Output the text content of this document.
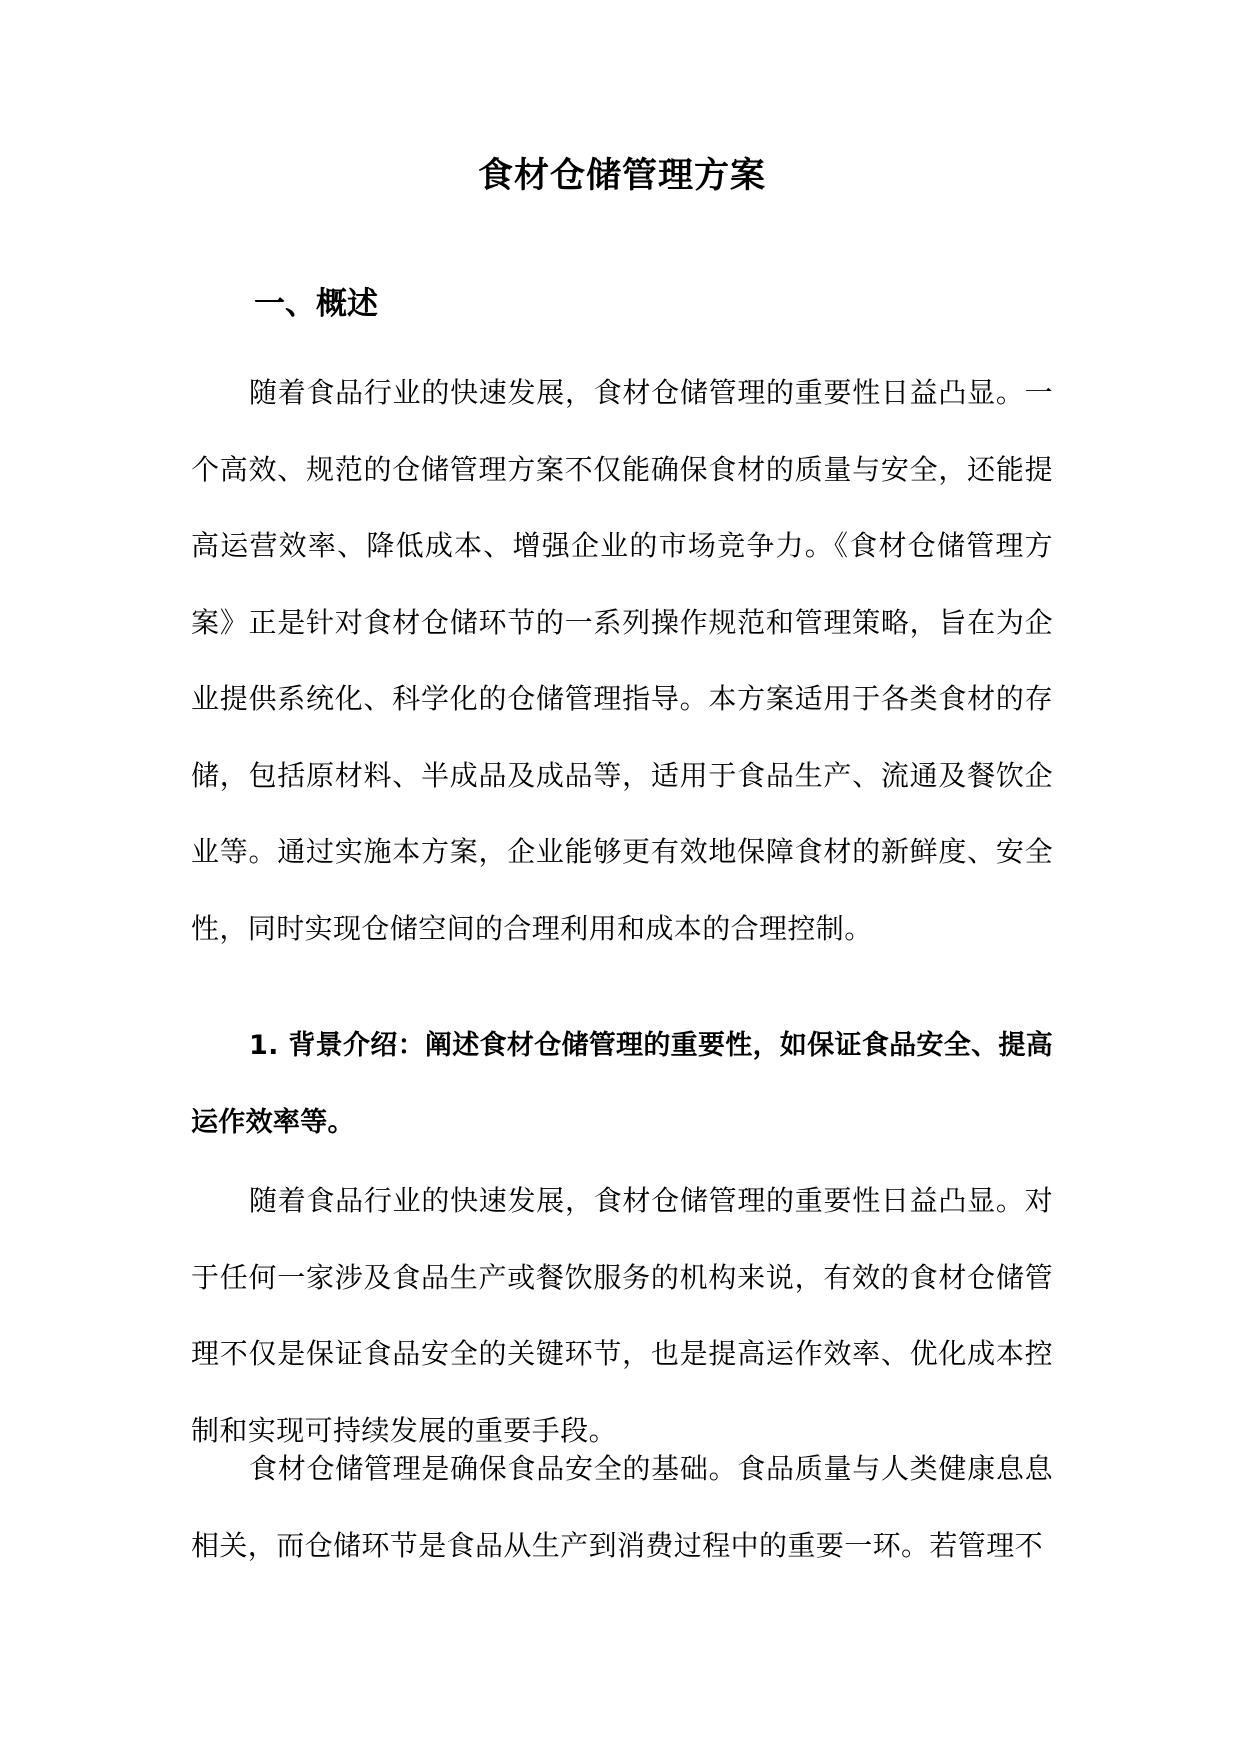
食材仓储管理方案
一、概述

随着食品行业的快速发展，食材仓储管理的重要性日益凸显。一个高效、规范的仓储管理方案不仅能确保食材的质量与安全，还能提高运营效率、降低成本、增强企业的市场竞争力。《食材仓储管理方案》正是针对食材仓储环节的一系列操作规范和管理策略，旨在为企业提供系统化、科学化的仓储管理指导。本方案适用于各类食材的存储，包括原材料、半成品及成品等，适用于食品生产、流通及餐饮企业等。通过实施本方案，企业能够更有效地保障食材的新鲜度、安全性，同时实现仓储空间的合理利用和成本的合理控制。

1. 背景介绍：阐述食材仓储管理的重要性，如保证食品安全、提高运作效率等。

随着食品行业的快速发展，食材仓储管理的重要性日益凸显。对于任何一家涉及食品生产或餐饮服务的机构来说，有效的食材仓储管理不仅是保证食品安全的关键环节，也是提高运作效率、优化成本控制和实现可持续发展的重要手段。

食材仓储管理是确保食品安全的基础。食品质量与人类健康息息相关，而仓储环节是食品从生产到消费过程中的重要一环。若管理不
